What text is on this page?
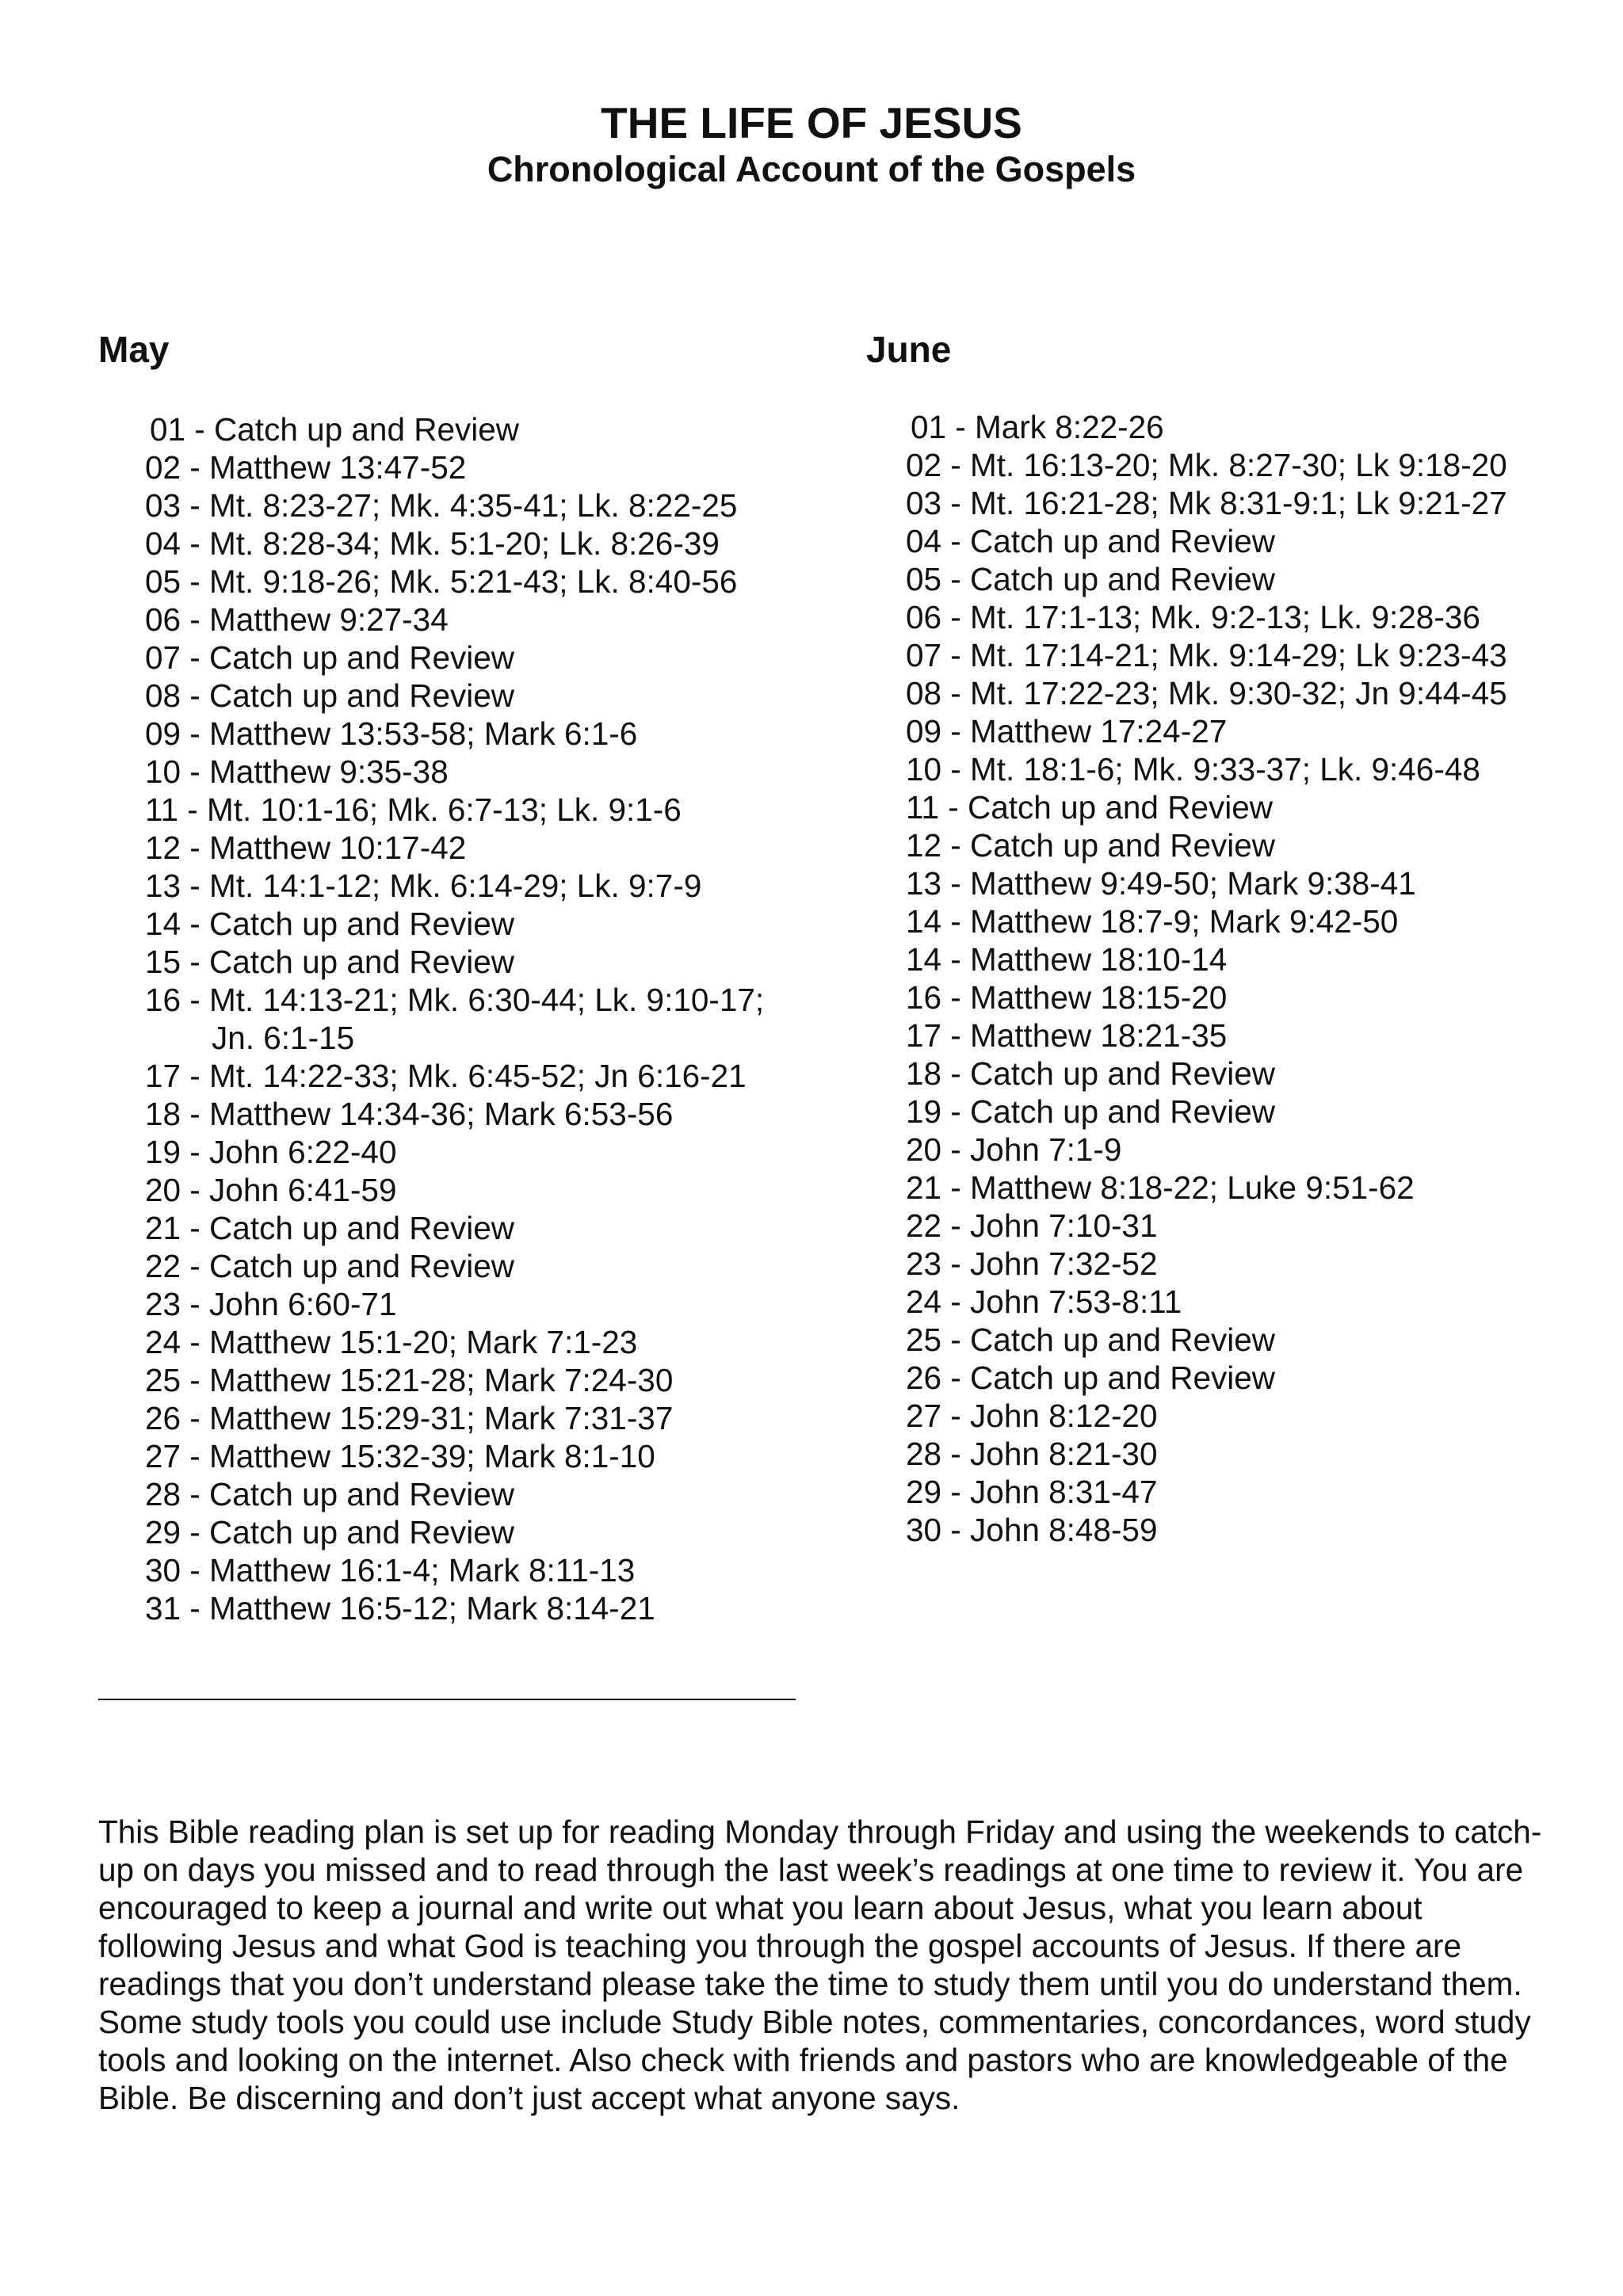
THE LIFE OF JESUS
Chronological Account of the Gospels
May	June
01 - Catch up and Review
02 - Matthew 13:47-52
03 - Mt. 8:23-27; Mk. 4:35-41; Lk. 8:22-25
04 - Mt. 8:28-34; Mk. 5:1-20; Lk. 8:26-39
05 - Mt. 9:18-26; Mk. 5:21-43; Lk. 8:40-56
06 - Matthew 9:27-34
07 - Catch up and Review
08 - Catch up and Review
09 - Matthew 13:53-58; Mark 6:1-6
10 - Matthew 9:35-38
11 - Mt. 10:1-16; Mk. 6:7-13; Lk. 9:1-6
12 - Matthew 10:17-42
13 - Mt. 14:1-12; Mk. 6:14-29; Lk. 9:7-9
14 - Catch up and Review
15 - Catch up and Review
16 - Mt. 14:13-21; Mk. 6:30-44; Lk. 9:10-17; Jn. 6:1-15
17 - Mt. 14:22-33; Mk. 6:45-52; Jn 6:16-21
18 - Matthew 14:34-36; Mark 6:53-56
19 - John 6:22-40
20 - John 6:41-59
21 - Catch up and Review
22 - Catch up and Review
23 - John 6:60-71
24 - Matthew 15:1-20; Mark 7:1-23
25 - Matthew 15:21-28; Mark 7:24-30
26 - Matthew 15:29-31; Mark 7:31-37
27 - Matthew 15:32-39; Mark 8:1-10
28 - Catch up and Review
29 - Catch up and Review
30 - Matthew 16:1-4; Mark 8:11-13
31 - Matthew 16:5-12; Mark 8:14-21
01 - Mark 8:22-26
02 - Mt. 16:13-20; Mk. 8:27-30; Lk 9:18-20
03 - Mt. 16:21-28; Mk 8:31-9:1; Lk 9:21-27
04 - Catch up and Review
05 - Catch up and Review
06 - Mt. 17:1-13; Mk. 9:2-13; Lk. 9:28-36
07 - Mt. 17:14-21; Mk. 9:14-29; Lk 9:23-43
08 - Mt. 17:22-23; Mk. 9:30-32; Jn 9:44-45
09 - Matthew 17:24-27
10 - Mt. 18:1-6; Mk. 9:33-37; Lk. 9:46-48
11 - Catch up and Review
12 - Catch up and Review
13 - Matthew 9:49-50; Mark 9:38-41
14 - Matthew 18:7-9; Mark 9:42-50
14 - Matthew 18:10-14
16 - Matthew 18:15-20
17 - Matthew 18:21-35
18 - Catch up and Review
19 - Catch up and Review
20 - John 7:1-9
21 - Matthew 8:18-22; Luke 9:51-62
22 - John 7:10-31
23 - John 7:32-52
24 - John 7:53-8:11
25 - Catch up and Review
26 - Catch up and Review
27 - John 8:12-20
28 - John 8:21-30
29 - John 8:31-47
30 - John 8:48-59

This Bible reading plan is set up for reading Monday through Friday and using the weekends to catch-up on days you missed and to read through the last week’s readings at one time to review it. You are encouraged to keep a journal and write out what you learn about Jesus, what you learn about following Jesus and what God is teaching you through the gospel accounts of Jesus. If there are readings that you don’t understand please take the time to study them until you do understand them. Some study tools you could use include Study Bible notes, commentaries, concordances, word study tools and looking on the internet. Also check with friends and pastors who are knowledgeable of the Bible. Be discerning and don’t just accept what anyone says.
